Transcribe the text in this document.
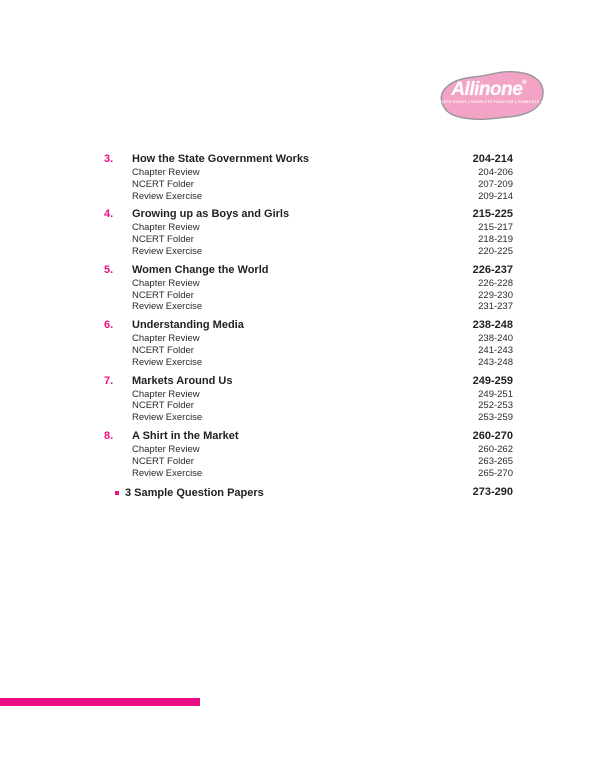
Allinone®
COMPLETE STUDY | COMPLETE PRACTICE | COMPLETE ASSESSMENT
3.	How the State Government Works	204-214
Chapter Review	204-206
NCERT Folder	207-209
Review Exercise	209-214
4.	Growing up as Boys and Girls	215-225
Chapter Review	215-217
NCERT Folder	218-219
Review Exercise	220-225
5.	Women Change the World	226-237
Chapter Review	226-228
NCERT Folder	229-230
Review Exercise	231-237
6.	Understanding Media	238-248
Chapter Review	238-240
NCERT Folder	241-243
Review Exercise	243-248
7.	Markets Around Us	249-259
Chapter Review	249-251
NCERT Folder	252-253
Review Exercise	253-259
8.	A Shirt in the Market	260-270
Chapter Review	260-262
NCERT Folder	263-265
Review Exercise	265-270
3 Sample Question Papers	273-290
